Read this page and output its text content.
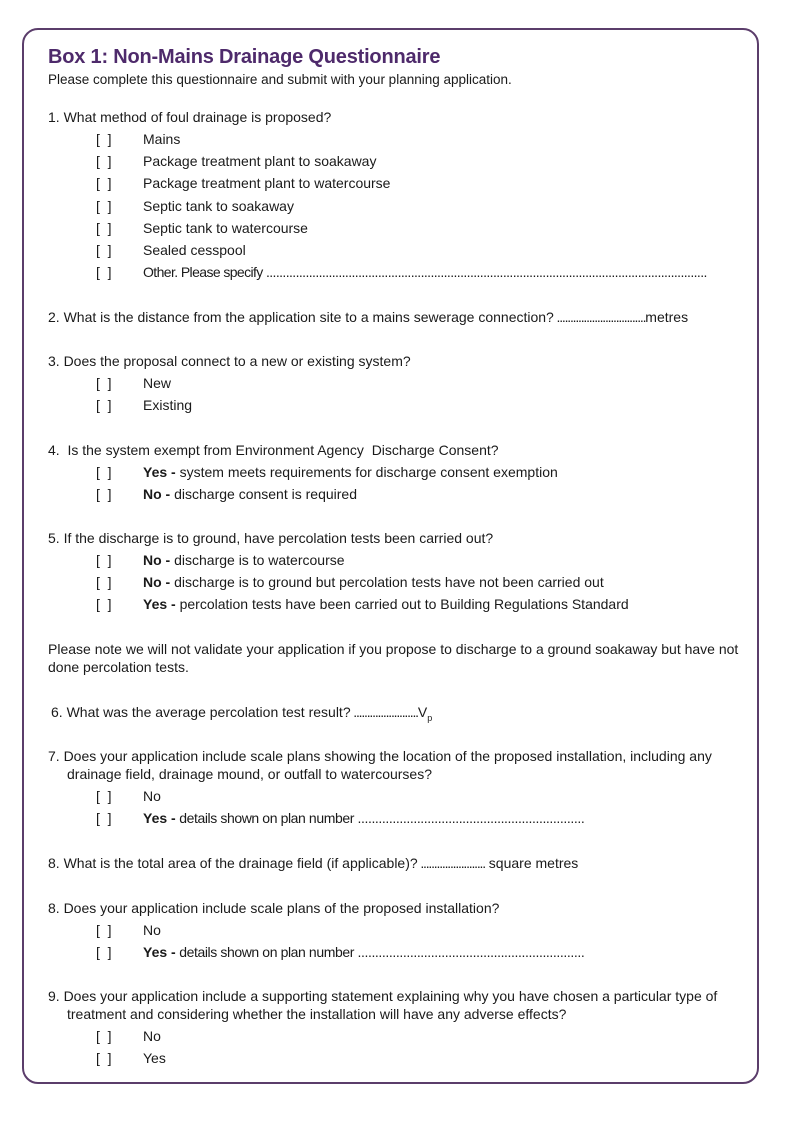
Box 1: Non-Mains Drainage Questionnaire

Please complete this questionnaire and submit with your planning application.

1. What method of foul drainage is proposed?

[  ] Mains
[  ] Package treatment plant to soakaway
[  ] Package treatment plant to watercourse
[  ] Septic tank to soakaway
[  ] Septic tank to watercourse
[  ] Sealed cesspool
[  ] Other. Please specify ......................................................................................................................................

2. What is the distance from the application site to a mains sewerage connection? .................................metres

3. Does the proposal connect to a new or existing system?

[  ] New
[  ] Existing

4.  Is the system exempt from Environment Agency  Discharge Consent?

[  ] Yes - system meets requirements for discharge consent exemption
[  ] No - discharge consent is required

5. If the discharge is to ground, have percolation tests been carried out?

[  ] No - discharge is to watercourse
[  ] No - discharge is to ground but percolation tests have not been carried out
[  ] Yes - percolation tests have been carried out to Building Regulations Standard

Please note we will not validate your application if you propose to discharge to a ground soakaway but have not done percolation tests.

6. What was the average percolation test result? $........................V_p$

7. Does your application include scale plans showing the location of the proposed installation, including any drainage field, drainage mound, or outfall to watercourses?

[  ] No
[  ] Yes - details shown on plan number .................................................................

8. What is the total area of the drainage field (if applicable)? ........................ square metres

8. Does your application include scale plans of the proposed installation?

[  ] No
[  ] Yes - details shown on plan number .................................................................

9. Does your application include a supporting statement explaining why you have chosen a particular type of treatment and considering whether the installation will have any adverse effects?

[  ] No
[  ] Yes
